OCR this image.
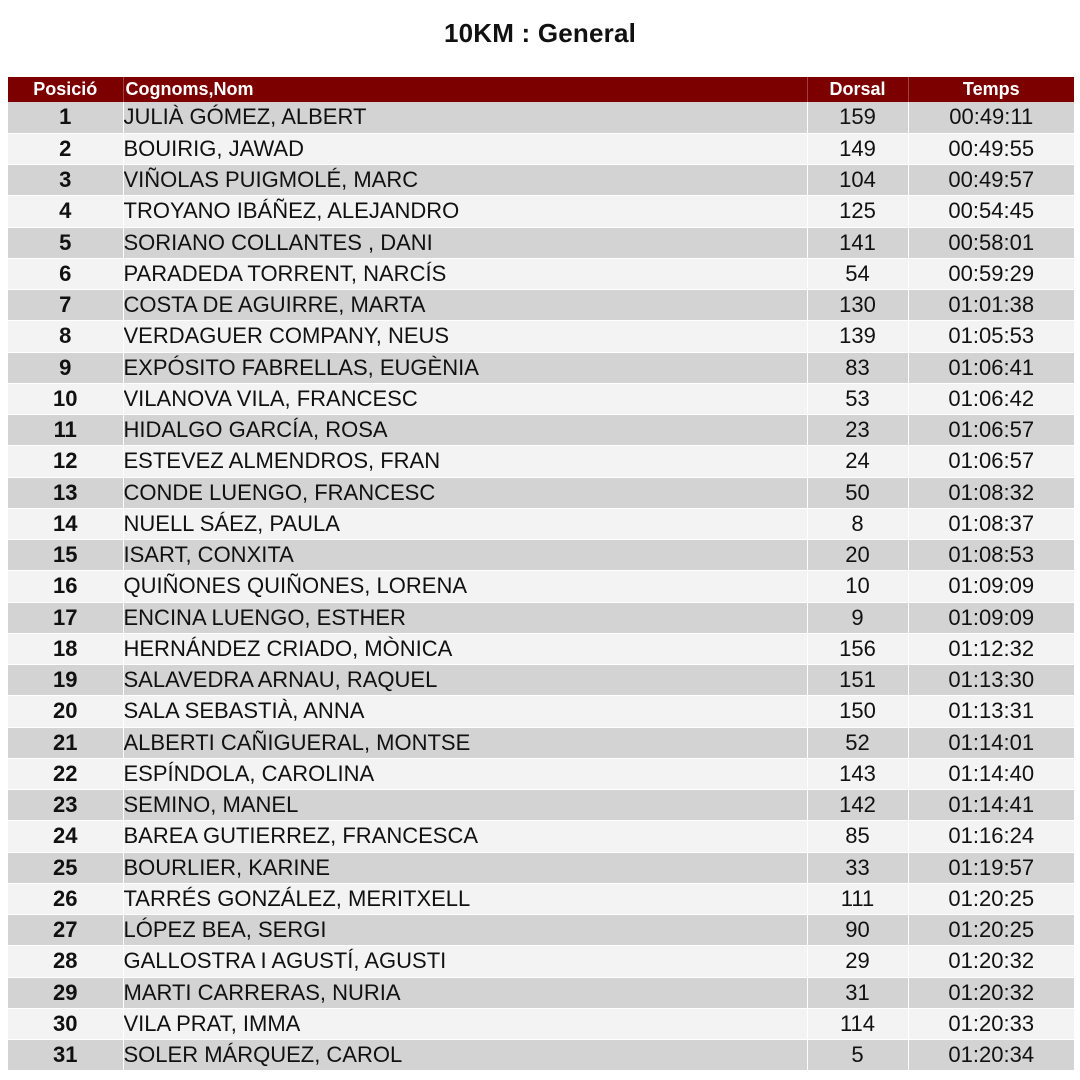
10KM : General
Posició	Cognoms,Nom	Dorsal	Temps
1	JULIÀ GÓMEZ, ALBERT	159	00:49:11
2	BOUIRIG, JAWAD	149	00:49:55
3	VIÑOLAS PUIGMOLÉ, MARC	104	00:49:57
4	TROYANO IBÁÑEZ, ALEJANDRO	125	00:54:45
5	SORIANO COLLANTES , DANI	141	00:58:01
6	PARADEDA TORRENT, NARCÍS	54	00:59:29
7	COSTA DE AGUIRRE, MARTA	130	01:01:38
8	VERDAGUER COMPANY, NEUS	139	01:05:53
9	EXPÓSITO FABRELLAS, EUGÈNIA	83	01:06:41
10	VILANOVA VILA, FRANCESC	53	01:06:42
11	HIDALGO GARCÍA, ROSA	23	01:06:57
12	ESTEVEZ ALMENDROS, FRAN	24	01:06:57
13	CONDE LUENGO, FRANCESC	50	01:08:32
14	NUELL SÁEZ, PAULA	8	01:08:37
15	ISART, CONXITA	20	01:08:53
16	QUIÑONES QUIÑONES, LORENA	10	01:09:09
17	ENCINA LUENGO, ESTHER	9	01:09:09
18	HERNÁNDEZ CRIADO, MÒNICA	156	01:12:32
19	SALAVEDRA ARNAU, RAQUEL	151	01:13:30
20	SALA SEBASTIÀ, ANNA	150	01:13:31
21	ALBERTI CAÑIGUERAL, MONTSE	52	01:14:01
22	ESPÍNDOLA, CAROLINA	143	01:14:40
23	SEMINO, MANEL	142	01:14:41
24	BAREA GUTIERREZ, FRANCESCA	85	01:16:24
25	BOURLIER, KARINE	33	01:19:57
26	TARRÉS GONZÁLEZ, MERITXELL	111	01:20:25
27	LÓPEZ BEA, SERGI	90	01:20:25
28	GALLOSTRA I AGUSTÍ, AGUSTI	29	01:20:32
29	MARTI CARRERAS, NURIA	31	01:20:32
30	VILA PRAT, IMMA	114	01:20:33
31	SOLER MÁRQUEZ, CAROL	5	01:20:34
